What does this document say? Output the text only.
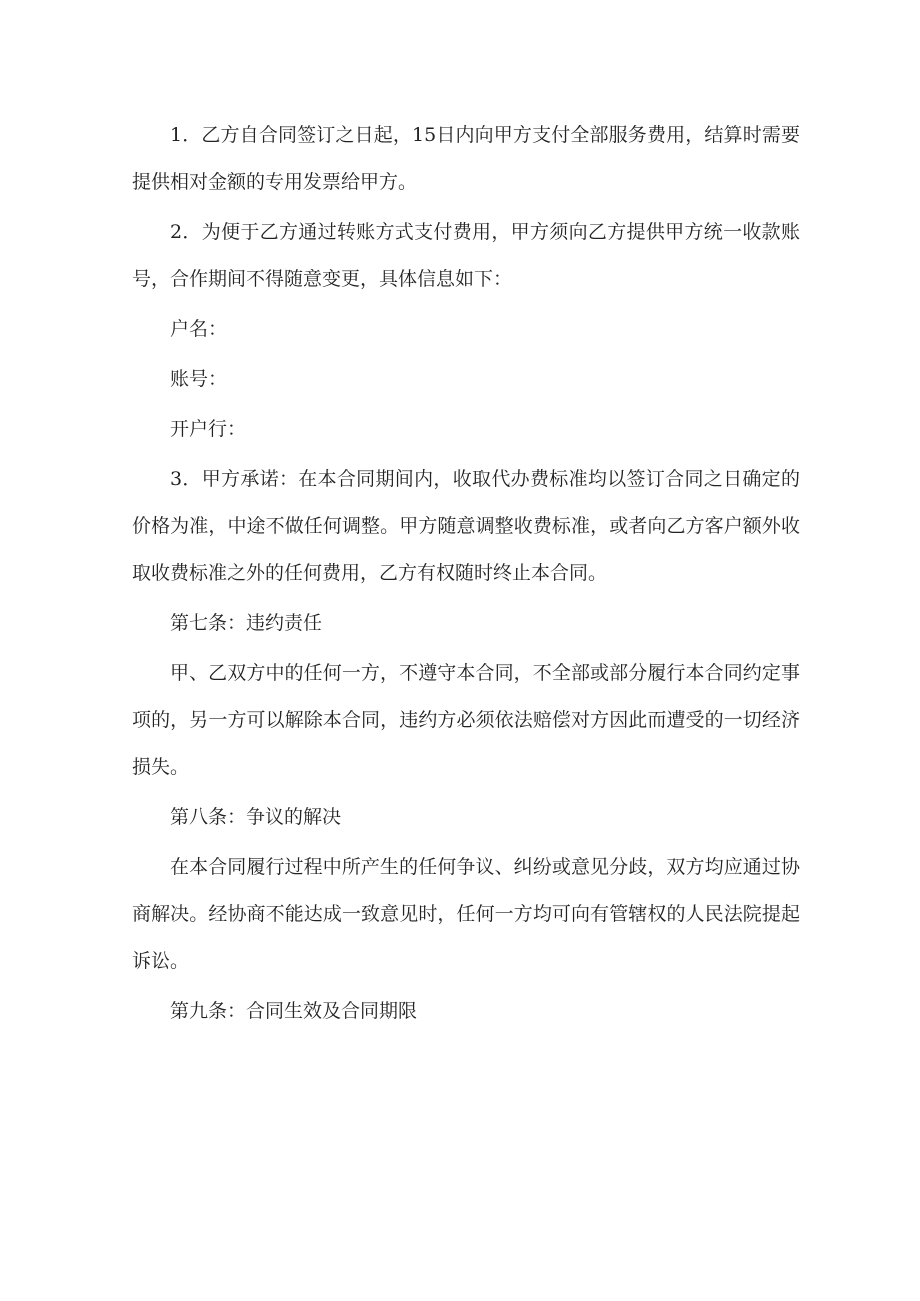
1．乙方自合同签订之日起，15日内向甲方支付全部服务费用，结算时需要提供相对金额的专用发票给甲方。

2．为便于乙方通过转账方式支付费用，甲方须向乙方提供甲方统一收款账号，合作期间不得随意变更，具体信息如下：

户名：

账号：

开户行：

3．甲方承诺：在本合同期间内，收取代办费标准均以签订合同之日确定的价格为准，中途不做任何调整。甲方随意调整收费标准，或者向乙方客户额外收取收费标准之外的任何费用，乙方有权随时终止本合同。

第七条：违约责任

甲、乙双方中的任何一方，不遵守本合同，不全部或部分履行本合同约定事项的，另一方可以解除本合同，违约方必须依法赔偿对方因此而遭受的一切经济损失。

第八条：争议的解决

在本合同履行过程中所产生的任何争议、纠纷或意见分歧，双方均应通过协商解决。经协商不能达成一致意见时，任何一方均可向有管辖权的人民法院提起诉讼。

第九条：合同生效及合同期限
